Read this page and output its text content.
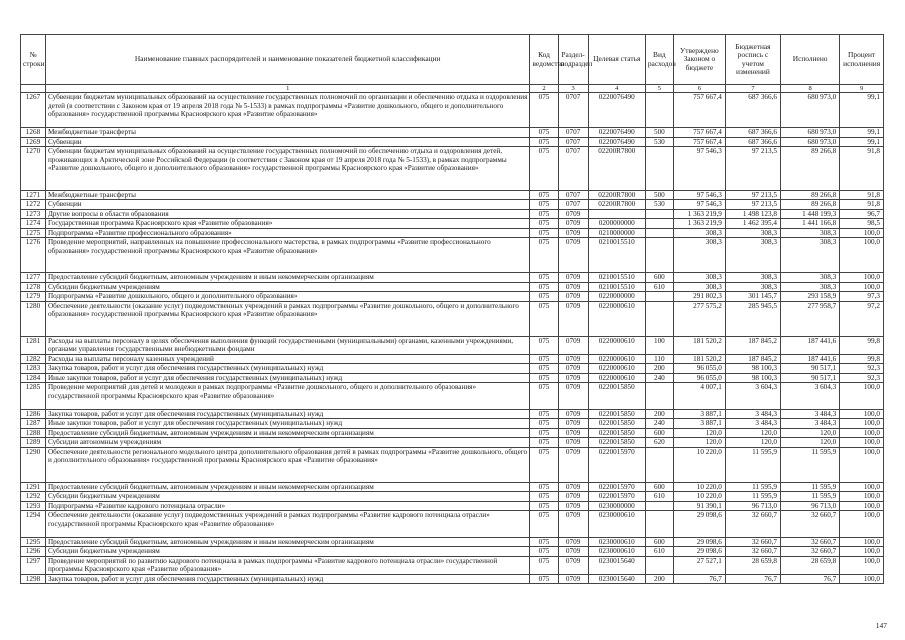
№ строки	Наименование главных распорядителей и наименование показателей бюджетной классификации	Код ведомства	Раздел-подраздел	Целевая статья	Вид расходов	Утверждено Законом о бюджете	Бюджетная роспись с учетом изменений	Исполнено	Процент исполнения
	1	2	3	4	5	6	7	8	9
1267	Субвенции бюджетам муниципальных образований на осуществление государственных полномочий по организации и обеспечению отдыха и оздоровления детей (в соответствии с Законом края от 19 апреля 2018 года № 5-1533) в рамках подпрограммы «Развитие дошкольного, общего и дополнительного образования» государственной программы Красноярского края «Развитие образования»	075	0707	0220076490		757 667,4	687 366,6	680 973,0	99,1
1268	Межбюджетные трансферты	075	0707	0220076490	500	757 667,4	687 366,6	680 973,0	99,1
1269	Субвенции	075	0707	0220076490	530	757 667,4	687 366,6	680 973,0	99,1
1270	Субвенции бюджетам муниципальных образований на осуществление государственных полномочий по обеспечению отдыха и оздоровления детей, проживающих в Арктической зоне Российской Федерации (в соответствии с Законом края от 19 апреля 2018 года № 5-1533), в рамках подпрограммы «Развитие дошкольного, общего и дополнительного образования» государственной программы Красноярского края «Развитие образования»	075	0707	02200R7800		97 546,3	97 213,5	89 266,8	91,8
1271	Межбюджетные трансферты	075	0707	02200R7800	500	97 546,3	97 213,5	89 266,8	91,8
1272	Субвенции	075	0707	02200R7800	530	97 546,3	97 213,5	89 266,8	91,8
1273	Другие вопросы в области образования	075	0709			1 363 219,9	1 498 123,8	1 448 199,3	96,7
1274	Государственная программа Красноярского края «Развитие образования»	075	0709	0200000000		1 363 219,9	1 462 395,4	1 441 166,8	98,5
1275	Подпрограмма «Развитие профессионального образования»	075	0709	0210000000		308,3	308,3	308,3	100,0
1276	Проведение мероприятий, направленных на повышение профессионального мастерства, в рамках подпрограммы «Развитие профессионального образования» государственной программы Красноярского края «Развитие образования»	075	0709	0210015510		308,3	308,3	308,3	100,0
1277	Предоставление субсидий бюджетным, автономным учреждениям и иным некоммерческим организациям	075	0709	0210015510	600	308,3	308,3	308,3	100,0
1278	Субсидии бюджетным учреждениям	075	0709	0210015510	610	308,3	308,3	308,3	100,0
1279	Подпрограмма «Развитие дошкольного, общего и дополнительного образования»	075	0709	0220000000		291 802,3	301 145,7	293 158,9	97,3
1280	Обеспечение деятельности (оказание услуг) подведомственных учреждений в рамках подпрограммы «Развитие дошкольного, общего и дополнительного образования» государственной программы Красноярского края «Развитие образования»	075	0709	0220000610		277 575,2	285 945,5	277 958,7	97,2
1281	Расходы на выплаты персоналу в целях обеспечения выполнения функций государственными (муниципальными) органами, казенными учреждениями, органами управления государственными внебюджетными фондами	075	0709	0220000610	100	181 520,2	187 845,2	187 441,6	99,8
1282	Расходы на выплаты персоналу казенных учреждений	075	0709	0220000610	110	181 520,2	187 845,2	187 441,6	99,8
1283	Закупка товаров, работ и услуг для обеспечения государственных (муниципальных) нужд	075	0709	0220000610	200	96 055,0	98 100,3	90 517,1	92,3
1284	Иные закупки товаров, работ и услуг для обеспечения государственных (муниципальных) нужд	075	0709	0220000610	240	96 055,0	98 100,3	90 517,1	92,3
1285	Проведение мероприятий для детей и молодежи в рамках подпрограммы «Развитие дошкольного, общего и дополнительного образования» государственной программы Красноярского края «Развитие образования»	075	0709	0220015850		4 007,1	3 604,3	3 604,3	100,0
1286	Закупка товаров, работ и услуг для обеспечения государственных (муниципальных) нужд	075	0709	0220015850	200	3 887,1	3 484,3	3 484,3	100,0
1287	Иные закупки товаров, работ и услуг для обеспечения государственных (муниципальных) нужд	075	0709	0220015850	240	3 887,1	3 484,3	3 484,3	100,0
1288	Предоставление субсидий бюджетным, автономным учреждениям и иным некоммерческим организациям	075	0709	0220015850	600	120,0	120,0	120,0	100,0
1289	Субсидии автономным учреждениям	075	0709	0220015850	620	120,0	120,0	120,0	100,0
1290	Обеспечение деятельности регионального модельного центра дополнительного образования детей в рамках подпрограммы «Развитие дошкольного, общего и дополнительного образования» государственной программы Красноярского края «Развитие образования»	075	0709	0220015970		10 220,0	11 595,9	11 595,9	100,0
1291	Предоставление субсидий бюджетным, автономным учреждениям и иным некоммерческим организациям	075	0709	0220015970	600	10 220,0	11 595,9	11 595,9	100,0
1292	Субсидии бюджетным учреждениям	075	0709	0220015970	610	10 220,0	11 595,9	11 595,9	100,0
1293	Подпрограмма «Развитие кадрового потенциала отрасли»	075	0709	0230000000		91 390,1	96 713,0	96 713,0	100,0
1294	Обеспечение деятельности (оказание услуг) подведомственных учреждений в рамках подпрограммы «Развитие кадрового потенциала отрасли» государственной программы Красноярского края «Развитие образования»	075	0709	0230000610		29 098,6	32 660,7	32 660,7	100,0
1295	Предоставление субсидий бюджетным, автономным учреждениям и иным некоммерческим организациям	075	0709	0230000610	600	29 098,6	32 660,7	32 660,7	100,0
1296	Субсидии бюджетным учреждениям	075	0709	0230000610	610	29 098,6	32 660,7	32 660,7	100,0
1297	Проведение мероприятий по развитию кадрового потенциала в рамках подпрограммы «Развитие кадрового потенциала отрасли» государственной программы Красноярского края «Развитие образования»	075	0709	0230015640		27 527,1	28 659,8	28 659,8	100,0
1298	Закупка товаров, работ и услуг для обеспечения государственных (муниципальных) нужд	075	0709	0230015640	200	76,7	76,7	76,7	100,0
147
